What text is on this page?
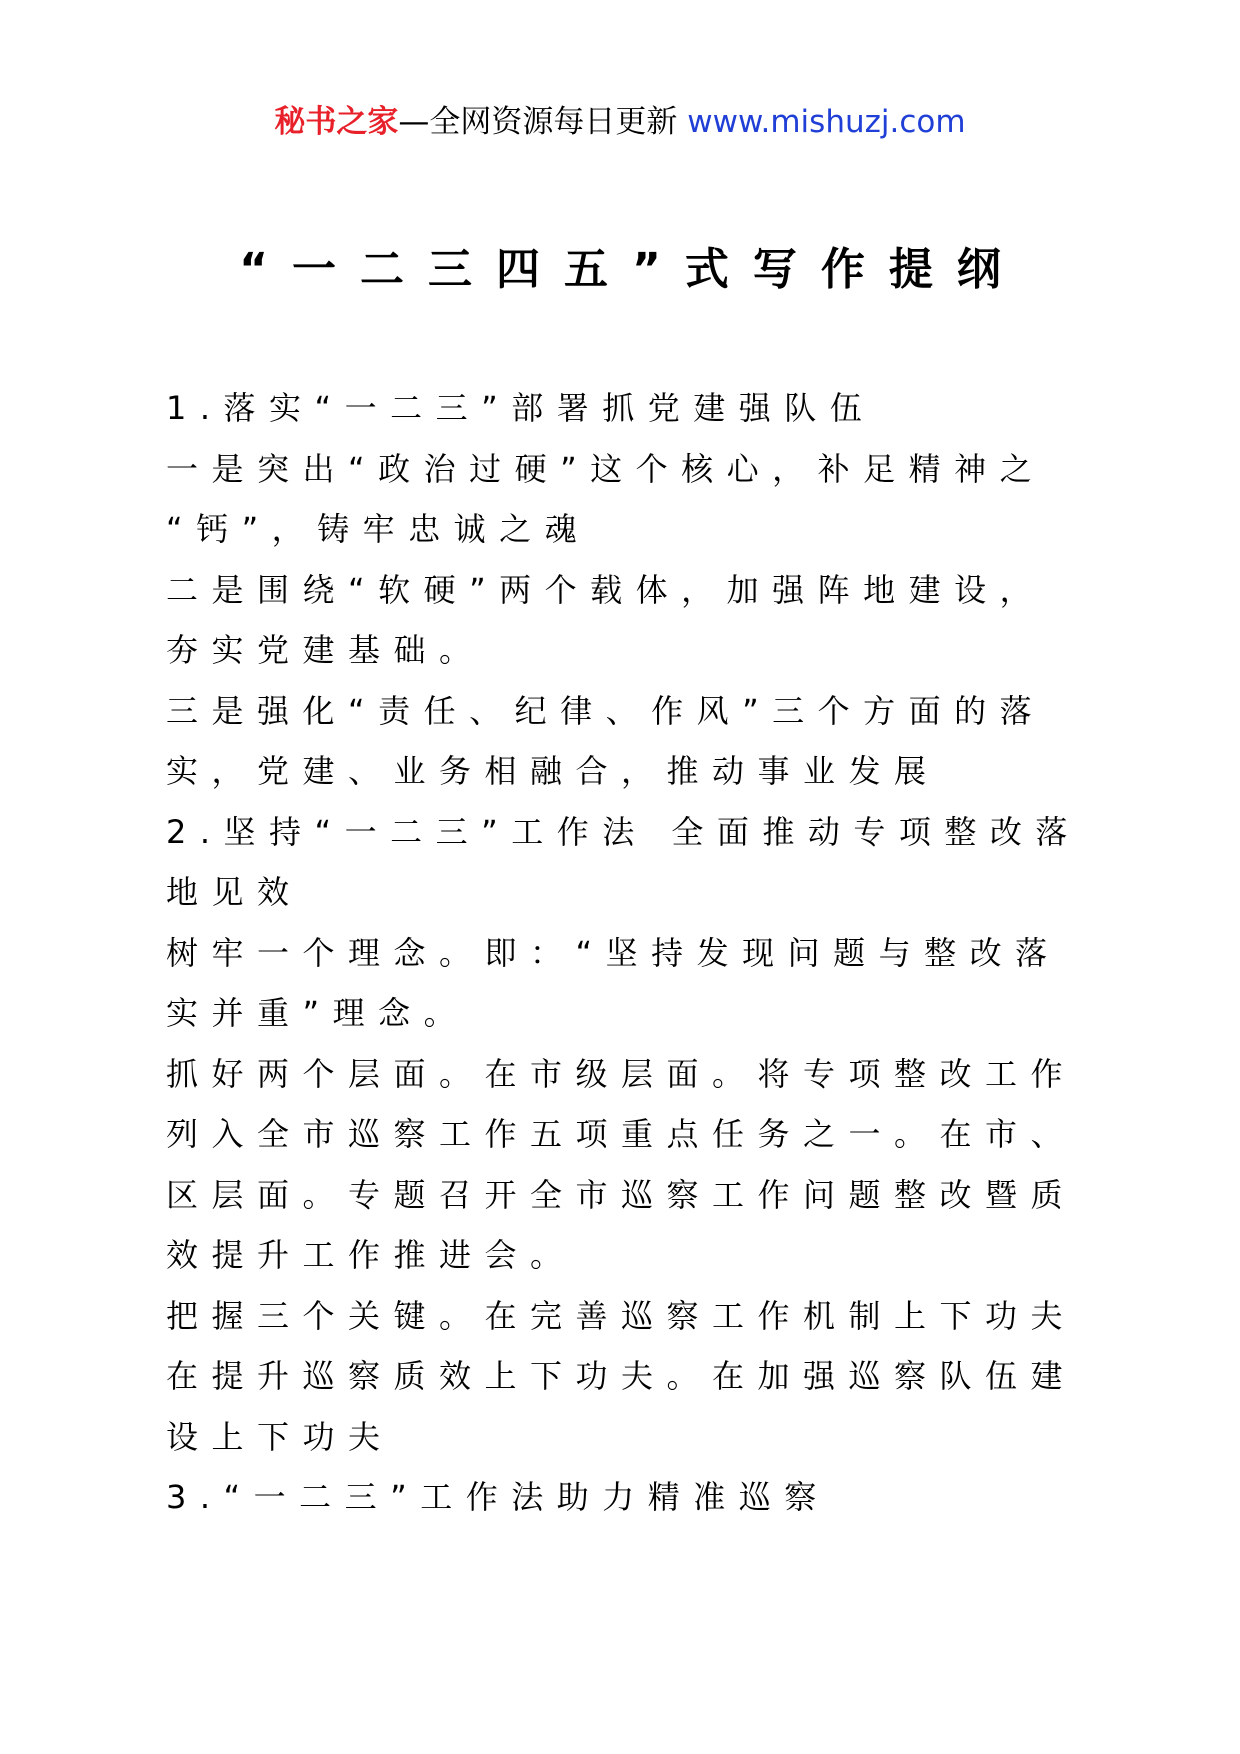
秘书之家—全网资源每日更新 www.mishuzj.com
“一二三四五”式写作提纲
1.落实“一二三”部署抓党建强队伍
一是突出“政治过硬”这个核心，补足精神之
“钙”，铸牢忠诚之魂
二是围绕“软硬”两个载体，加强阵地建设，
夯实党建基础。
三是强化“责任、纪律、作风”三个方面的落
实，党建、业务相融合，推动事业发展
2.坚持“一二三”工作法 全面推动专项整改落
地见效
树牢一个理念。即：“坚持发现问题与整改落
实并重”理念。
抓好两个层面。在市级层面。将专项整改工作
列入全市巡察工作五项重点任务之一。在市、
区层面。专题召开全市巡察工作问题整改暨质
效提升工作推进会。
把握三个关键。在完善巡察工作机制上下功夫
在提升巡察质效上下功夫。在加强巡察队伍建
设上下功夫
3.“一二三”工作法助力精准巡察
